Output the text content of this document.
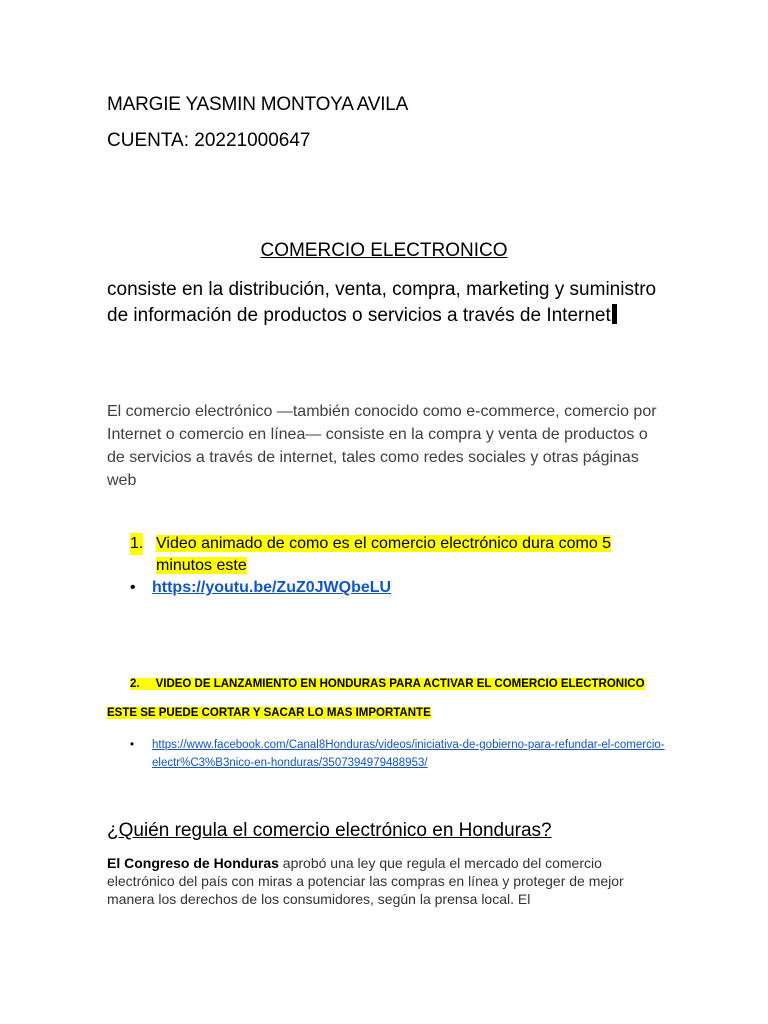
MARGIE YASMIN MONTOYA AVILA
CUENTA: 20221000647
COMERCIO ELECTRONICO
consiste en la distribución, venta, compra, marketing y suministro de información de productos o servicios a través de Internet
El comercio electrónico —también conocido como e-commerce, comercio por Internet o comercio en línea— consiste en la compra y venta de productos o de servicios a través de internet, tales como redes sociales y otras páginas web
1. Video animado de como es el comercio electrónico dura como 5 minutos este
• https://youtu.be/ZuZ0JWQbeLU
2. VIDEO DE LANZAMIENTO EN HONDURAS PARA ACTIVAR EL COMERCIO ELECTRONICO
ESTE SE PUEDE CORTAR Y SACAR LO MAS IMPORTANTE
•	https://www.facebook.com/Canal8Honduras/videos/iniciativa-de-gobierno-para-refundar-el-comercio-electr%C3%B3nico-en-honduras/3507394979488953/
¿Quién regula el comercio electrónico en Honduras?
El Congreso de Honduras aprobó una ley que regula el mercado del comercio electrónico del país con miras a potenciar las compras en línea y proteger de mejor manera los derechos de los consumidores, según la prensa local. El
